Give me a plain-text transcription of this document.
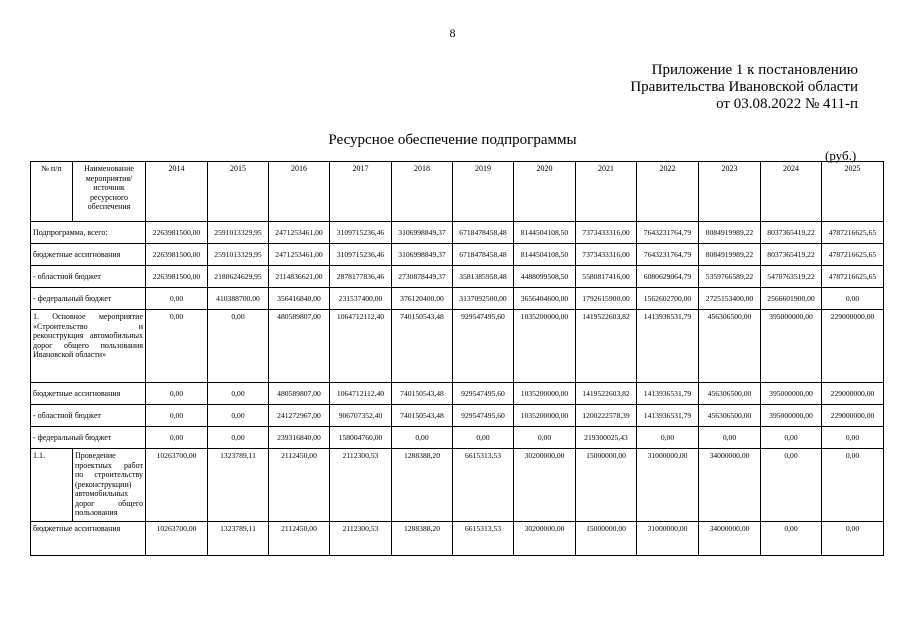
8
Приложение 1 к постановлению
Правительства Ивановской области
от 03.08.2022 № 411-п
Ресурсное обеспечение подпрограммы
(руб.)
№ п/п	Наименование мероприятия/ источник ресурсного обеспечения	2014	2015	2016	2017	2018	2019	2020	2021	2022	2023	2024	2025
Подпрограмма, всего:		2263981500,00	2591013329,95	2471253461,00	3109715236,46	3106998849,37	6718478458,48	8144504108,50	7373433316,00	7643231764,79	8084919989,22	8037365419,22	4787216625,65
бюджетные ассигнования		2263981500,00	2591013329,95	2471253461,00	3109715236,46	3106998849,37	6718478458,48	8144504108,50	7373433316,00	7643231764,79	8084919989,22	8037365419,22	4787216625,65
- областной бюджет		2263981500,00	2180624629,95	2114836621,00	2878177836,46	2730878449,37	3581385958,48	4488099508,50	5580817416,00	6080629064,79	5359766589,22	5470763519,22	4787216625,65
- федеральный бюджет		0,00	410388700,00	356416840,00	231537400,00	376120400,00	3137092500,00	3656404600,00	1792615900,00	1562602700,00	2725153400,00	2566601900,00	0,00
1. Основное мероприятие «Строительство и реконструкция автомобильных дорог общего пользования Ивановской области»		0,00	0,00	480589807,00	1064712112,40	740150543,48	929547495,60	1035200000,00	1419522603,82	1413936531,79	456306500,00	395000000,00	229000000,00
бюджетные ассигнования		0,00	0,00	480589807,00	1064712112,40	740150543,48	929547495,60	1035200000,00	1419522603,82	1413936531,79	456306500,00	395000000,00	229000000,00
- областной бюджет		0,00	0,00	241272967,00	906707352,40	740150543,48	929547495,60	1035200000,00	1200222578,39	1413936531,79	456306500,00	395000000,00	229000000,00
- федеральный бюджет		0,00	0,00	239316840,00	158004760,00	0,00	0,00	0,00	219300025,43	0,00	0,00	0,00	0,00
1.1.	Проведение проектных работ по строительству (реконструкции) автомобильных дорог общего пользования	10263700,00	1323789,11	2112450,00	2112300,53	1288388,20	6615313,53	30200000,00	15000000,00	31000000,00	34000000,00	0,00	0,00
бюджетные ассигнования		10263700,00	1323789,11	2112450,00	2112300,53	1288388,20	6615313,53	30200000,00	15000000,00	31000000,00	34000000,00	0,00	0,00
